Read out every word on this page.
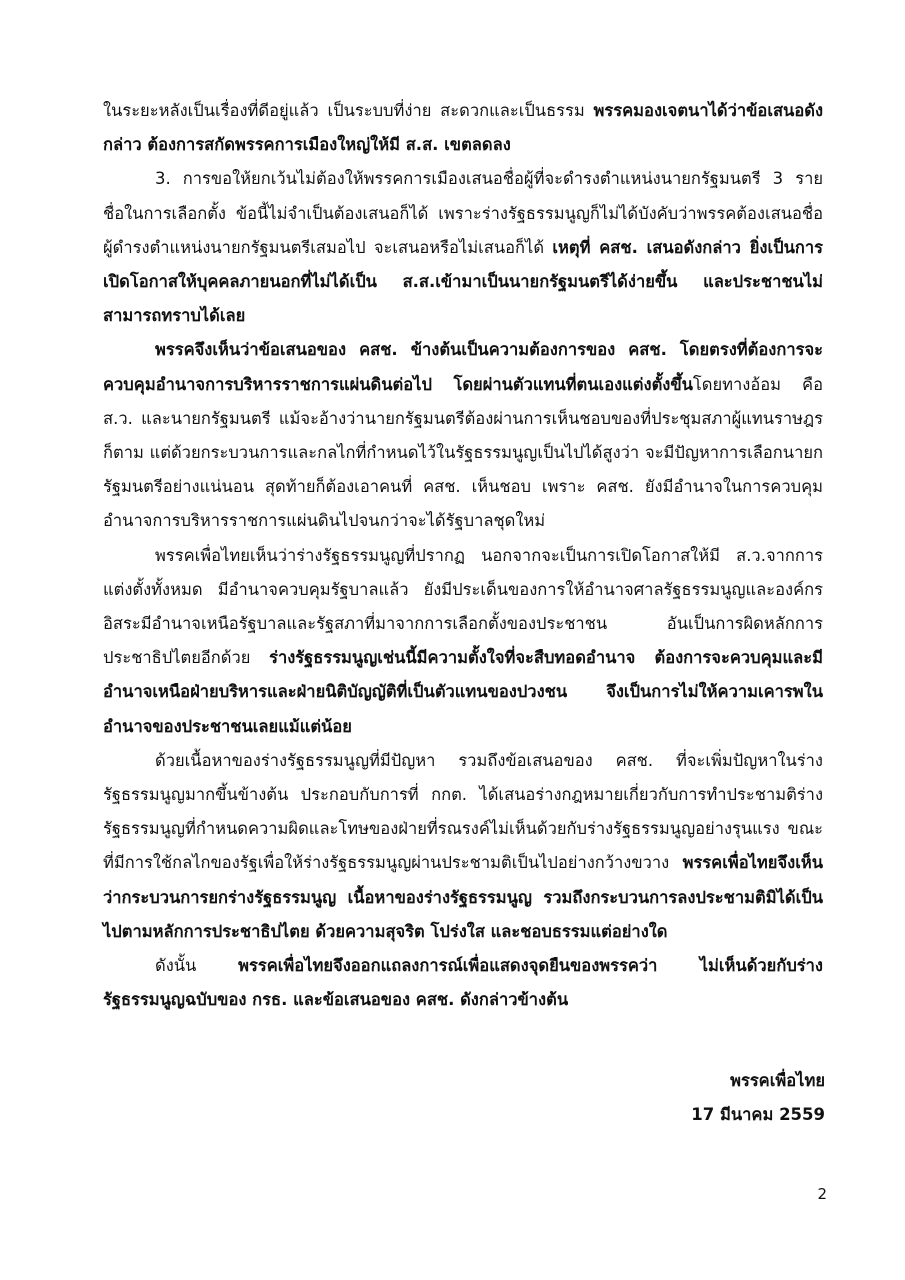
ในระยะหลังเป็นเรื่องที่ดีอยู่แล้ว เป็นระบบที่ง่าย สะดวกและเป็นธรรม พรรคมองเจตนาได้ว่าข้อเสนอดังกล่าว ต้องการสกัดพรรคการเมืองใหญ่ให้มี ส.ส. เขตลดลง

3. การขอให้ยกเว้นไม่ต้องให้พรรคการเมืองเสนอชื่อผู้ที่จะดำรงตำแหน่งนายกรัฐมนตรี 3 รายชื่อในการเลือกตั้ง ข้อนี้ไม่จำเป็นต้องเสนอก็ได้ เพราะร่างรัฐธรรมนูญก็ไม่ได้บังคับว่าพรรคต้องเสนอชื่อผู้ดำรงตำแหน่งนายกรัฐมนตรีเสมอไป จะเสนอหรือไม่เสนอก็ได้ เหตุที่ คสช. เสนอดังกล่าว ยิ่งเป็นการเปิดโอกาสให้บุคคลภายนอกที่ไม่ได้เป็น ส.ส.เข้ามาเป็นนายกรัฐมนตรีได้ง่ายขึ้น และประชาชนไม่สามารถทราบได้เลย

พรรคจึงเห็นว่าข้อเสนอของ คสช. ข้างต้นเป็นความต้องการของ คสช. โดยตรงที่ต้องการจะควบคุมอำนาจการบริหารราชการแผ่นดินต่อไป โดยผ่านตัวแทนที่ตนเองแต่งตั้งขึ้นโดยทางอ้อม คือ ส.ว. และนายกรัฐมนตรี แม้จะอ้างว่านายกรัฐมนตรีต้องผ่านการเห็นชอบของที่ประชุมสภาผู้แทนราษฎรก็ตาม แต่ด้วยกระบวนการและกลไกที่กำหนดไว้ในรัฐธรรมนูญเป็นไปได้สูงว่า จะมีปัญหาการเลือกนายกรัฐมนตรีอย่างแน่นอน สุดท้ายก็ต้องเอาคนที่ คสช. เห็นชอบ เพราะ คสช. ยังมีอำนาจในการควบคุมอำนาจการบริหารราชการแผ่นดินไปจนกว่าจะได้รัฐบาลชุดใหม่

พรรคเพื่อไทยเห็นว่าร่างรัฐธรรมนูญที่ปรากฏ นอกจากจะเป็นการเปิดโอกาสให้มี ส.ว.จากการแต่งตั้งทั้งหมด มีอำนาจควบคุมรัฐบาลแล้ว ยังมีประเด็นของการให้อำนาจศาลรัฐธรรมนูญและองค์กรอิสระมีอำนาจเหนือรัฐบาลและรัฐสภาที่มาจากการเลือกตั้งของประชาชน อันเป็นการผิดหลักการประชาธิปไตยอีกด้วย ร่างรัฐธรรมนูญเช่นนี้มีความตั้งใจที่จะสืบทอดอำนาจ ต้องการจะควบคุมและมีอำนาจเหนือฝ่ายบริหารและฝ่ายนิติบัญญัติที่เป็นตัวแทนของปวงชน จึงเป็นการไม่ให้ความเคารพในอำนาจของประชาชนเลยแม้แต่น้อย

ด้วยเนื้อหาของร่างรัฐธรรมนูญที่มีปัญหา รวมถึงข้อเสนอของ คสช. ที่จะเพิ่มปัญหาในร่างรัฐธรรมนูญมากขึ้นข้างต้น ประกอบกับการที่ กกต. ได้เสนอร่างกฎหมายเกี่ยวกับการทำประชามติร่างรัฐธรรมนูญที่กำหนดความผิดและโทษของฝ่ายที่รณรงค์ไม่เห็นด้วยกับร่างรัฐธรรมนูญอย่างรุนแรง ขณะที่มีการใช้กลไกของรัฐเพื่อให้ร่างรัฐธรรมนูญผ่านประชามติเป็นไปอย่างกว้างขวาง พรรคเพื่อไทยจึงเห็นว่ากระบวนการยกร่างรัฐธรรมนูญ เนื้อหาของร่างรัฐธรรมนูญ รวมถึงกระบวนการลงประชามติมิได้เป็นไปตามหลักการประชาธิปไตย ด้วยความสุจริต โปร่งใส และชอบธรรมแต่อย่างใด

ดังนั้น พรรคเพื่อไทยจึงออกแถลงการณ์เพื่อแสดงจุดยืนของพรรคว่า ไม่เห็นด้วยกับร่างรัฐธรรมนูญฉบับของ กรธ. และข้อเสนอของ คสช. ดังกล่าวข้างต้น

พรรคเพื่อไทย
17 มีนาคม 2559
2
